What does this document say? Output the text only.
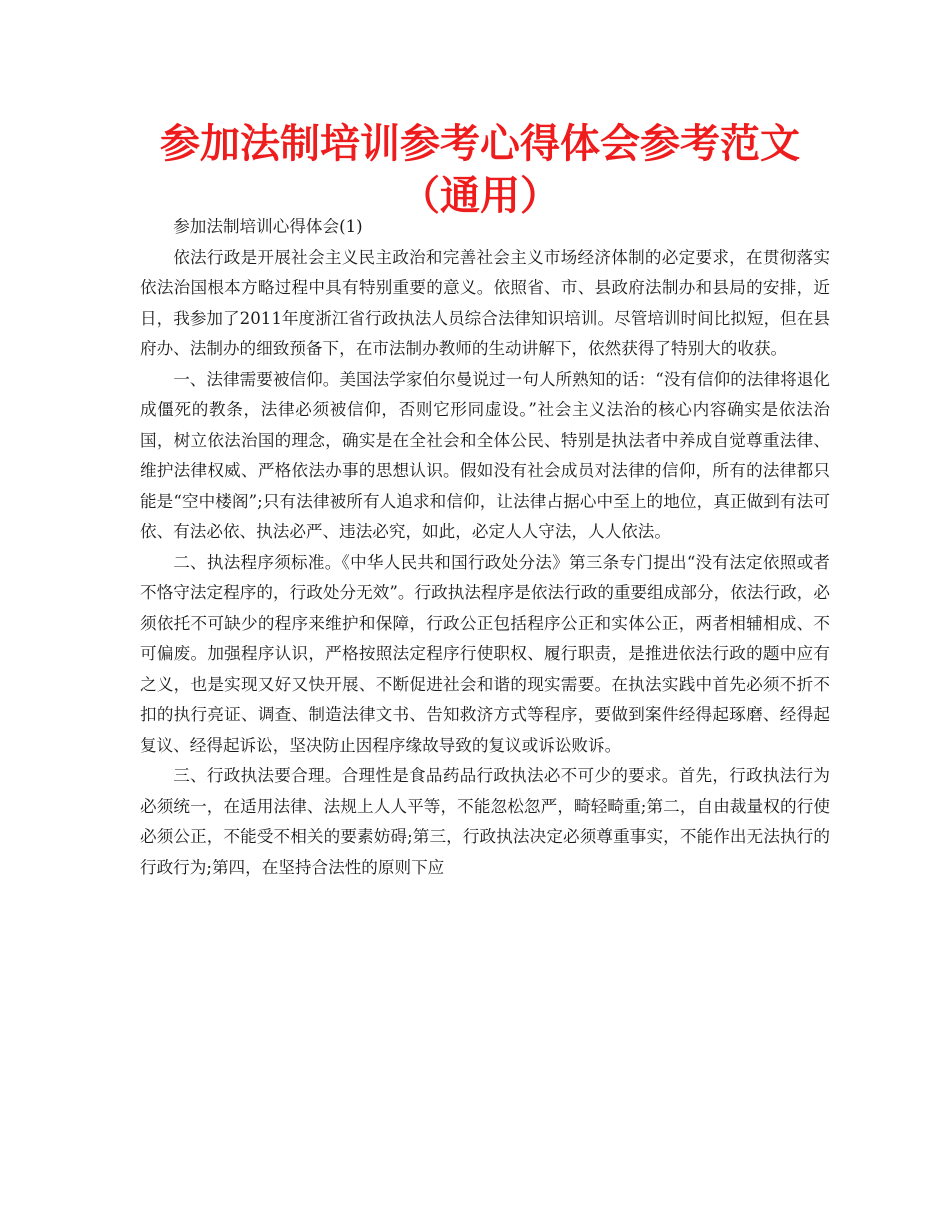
参加法制培训参考心得体会参考范文（通用）

参加法制培训心得体会(1)

依法行政是开展社会主义民主政治和完善社会主义市场经济体制的必定要求，在贯彻落实依法治国根本方略过程中具有特别重要的意义。依照省、市、县政府法制办和县局的安排，近日，我参加了2011年度浙江省行政执法人员综合法律知识培训。尽管培训时间比拟短，但在县府办、法制办的细致预备下，在市法制办教师的生动讲解下，依然获得了特别大的收获。

一、法律需要被信仰。美国法学家伯尔曼说过一句人所熟知的话：“没有信仰的法律将退化成僵死的教条，法律必须被信仰，否则它形同虚设。”社会主义法治的核心内容确实是依法治国，树立依法治国的理念，确实是在全社会和全体公民、特别是执法者中养成自觉尊重法律、维护法律权威、严格依法办事的思想认识。假如没有社会成员对法律的信仰，所有的法律都只能是“空中楼阁”;只有法律被所有人追求和信仰，让法律占据心中至上的地位，真正做到有法可依、有法必依、执法必严、违法必究，如此，必定人人守法，人人依法。

二、执法程序须标准。《中华人民共和国行政处分法》第三条专门提出“没有法定依照或者不恪守法定程序的，行政处分无效”。行政执法程序是依法行政的重要组成部分，依法行政，必须依托不可缺少的程序来维护和保障，行政公正包括程序公正和实体公正，两者相辅相成、不可偏废。加强程序认识，严格按照法定程序行使职权、履行职责，是推进依法行政的题中应有之义，也是实现又好又快开展、不断促进社会和谐的现实需要。在执法实践中首先必须不折不扣的执行亮证、调查、制造法律文书、告知救济方式等程序，要做到案件经得起琢磨、经得起复议、经得起诉讼，坚决防止因程序缘故导致的复议或诉讼败诉。

三、行政执法要合理。合理性是食品药品行政执法必不可少的要求。首先，行政执法行为必须统一，在适用法律、法规上人人平等，不能忽松忽严，畸轻畸重;第二，自由裁量权的行使必须公正，不能受不相关的要素妨碍;第三，行政执法决定必须尊重事实，不能作出无法执行的行政行为;第四，在坚持合法性的原则下应
